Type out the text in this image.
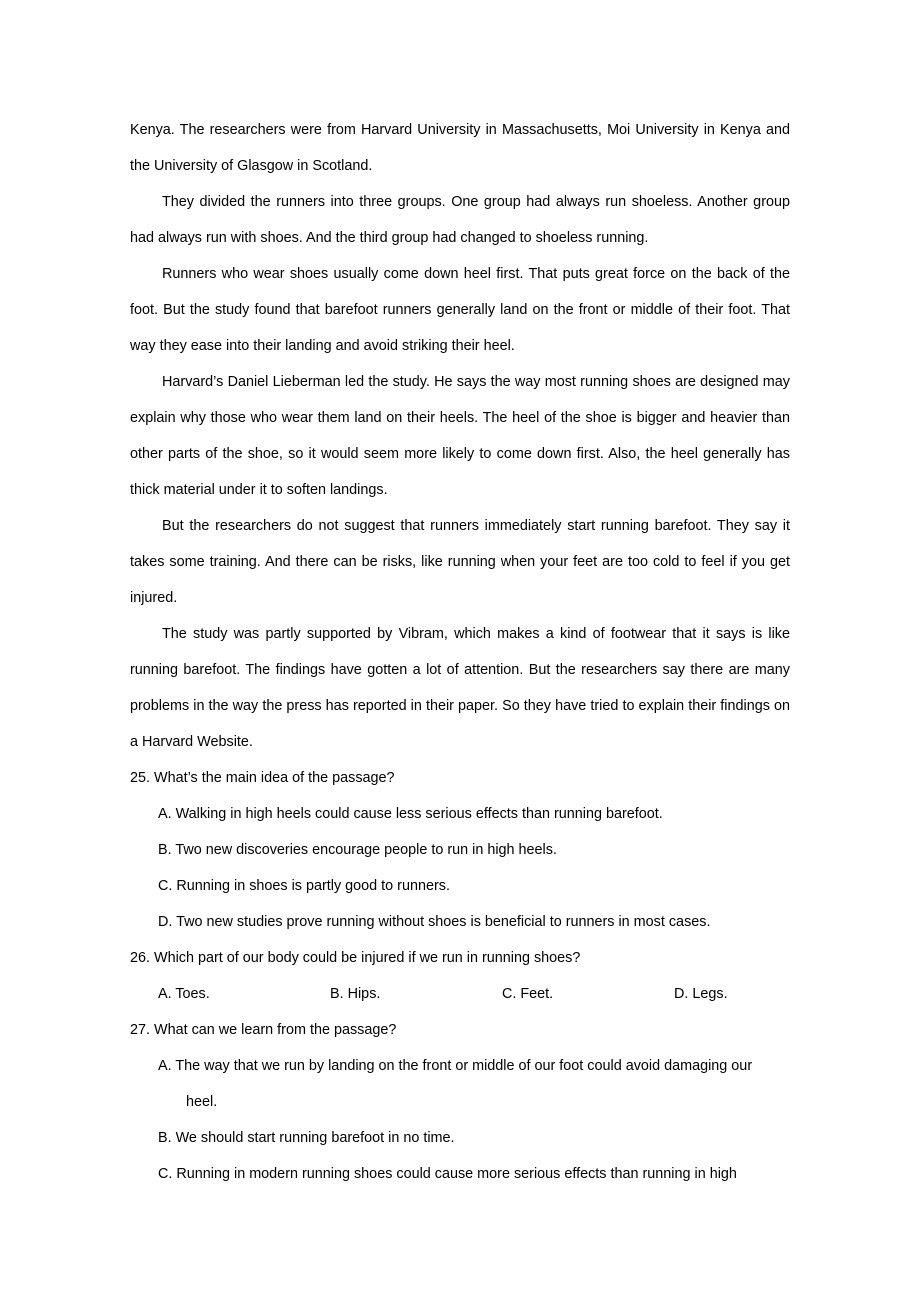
Kenya. The researchers were from Harvard University in Massachusetts, Moi University in Kenya and the University of Glasgow in Scotland.

They divided the runners into three groups. One group had always run shoeless. Another group had always run with shoes. And the third group had changed to shoeless running.

Runners who wear shoes usually come down heel first. That puts great force on the back of the foot. But the study found that barefoot runners generally land on the front or middle of their foot. That way they ease into their landing and avoid striking their heel.

Harvard’s Daniel Lieberman led the study. He says the way most running shoes are designed may explain why those who wear them land on their heels. The heel of the shoe is bigger and heavier than other parts of the shoe, so it would seem more likely to come down first. Also, the heel generally has thick material under it to soften landings.

But the researchers do not suggest that runners immediately start running barefoot. They say it takes some training. And there can be risks, like running when your feet are too cold to feel if you get injured.

The study was partly supported by Vibram, which makes a kind of footwear that it says is like running barefoot. The findings have gotten a lot of attention. But the researchers say there are many problems in the way the press has reported in their paper. So they have tried to explain their findings on a Harvard Website.

25. What’s the main idea of the passage?
A. Walking in high heels could cause less serious effects than running barefoot.
B. Two new discoveries encourage people to run in high heels.
C. Running in shoes is partly good to runners.
D. Two new studies prove running without shoes is beneficial to runners in most cases.
26. Which part of our body could be injured if we run in running shoes?
A. Toes.	B. Hips.	C. Feet.	D. Legs.
27. What can we learn from the passage?
A. The way that we run by landing on the front or middle of our foot could avoid damaging our
heel.
B. We should start running barefoot in no time.
C. Running in modern running shoes could cause more serious effects than running in high
